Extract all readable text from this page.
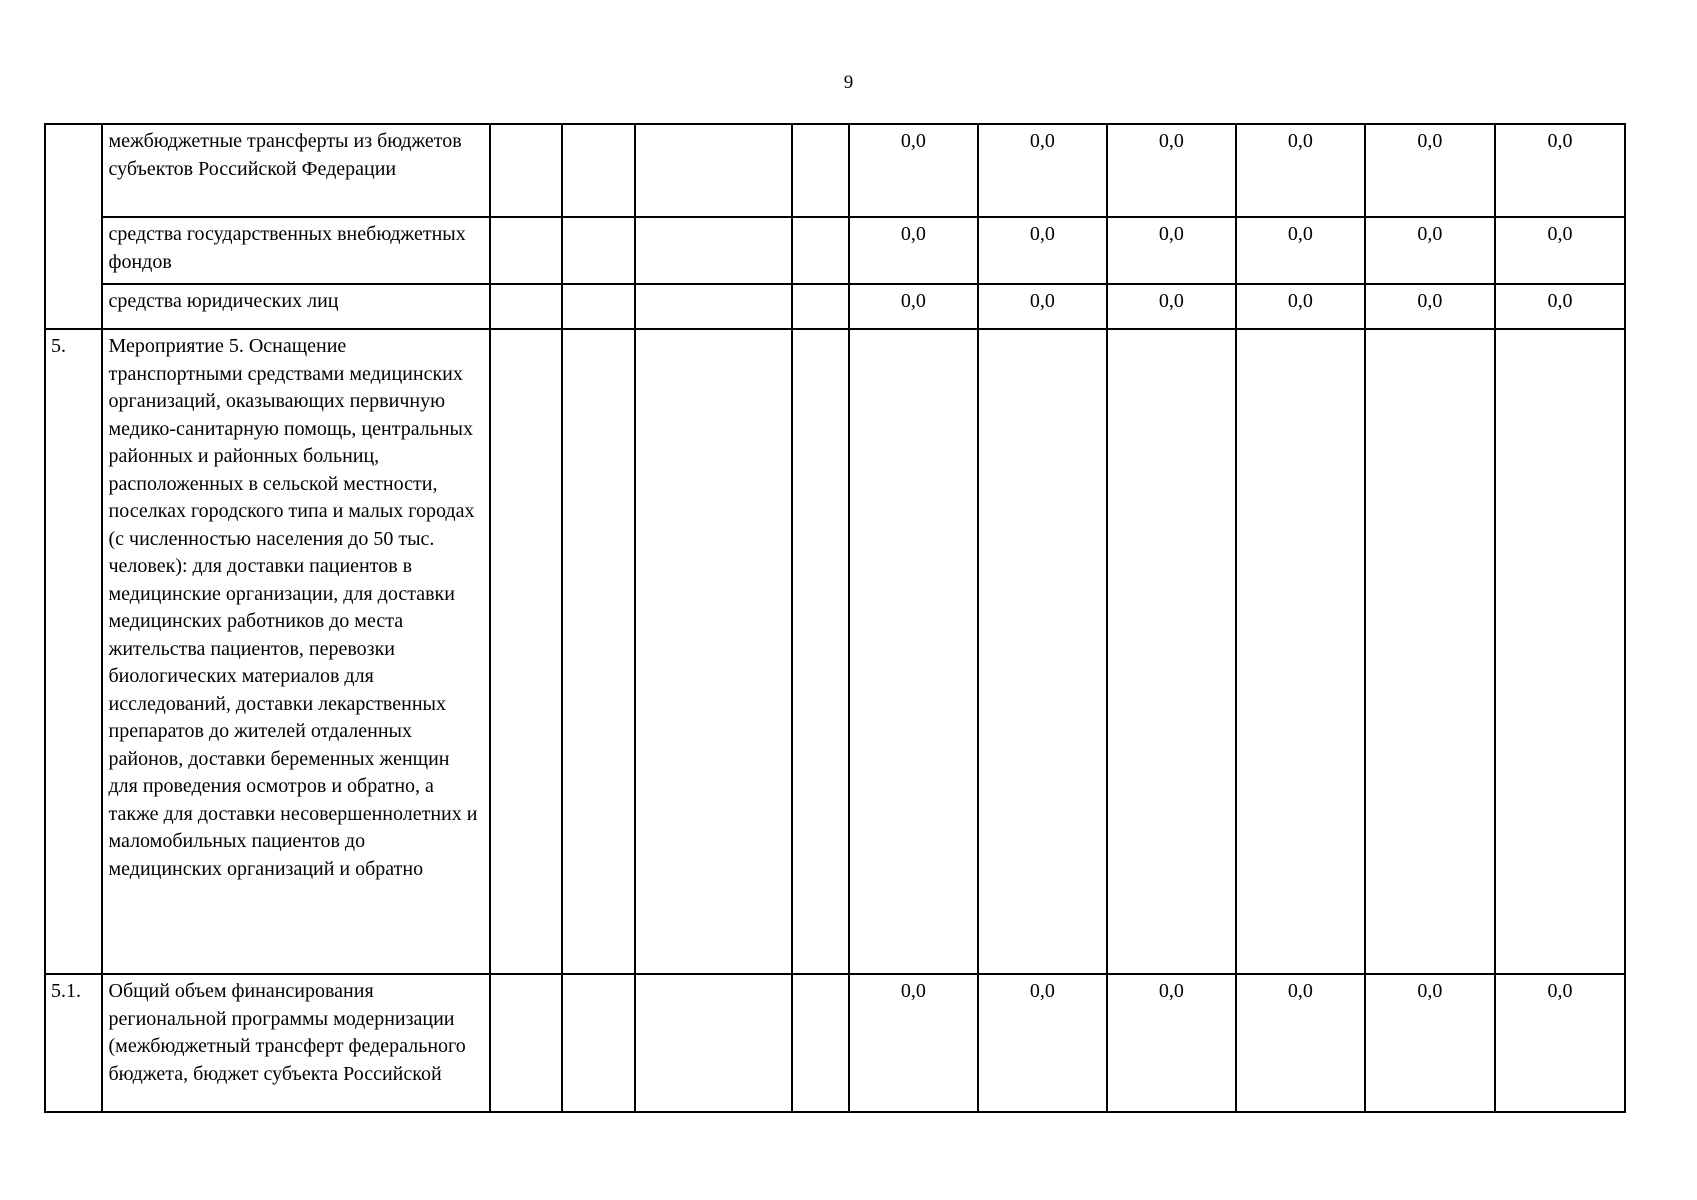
9
	межбюджетные трансферты из бюджетов субъектов Российской Федерации					0,0	0,0	0,0	0,0	0,0	0,0
	средства государственных внебюджетных фондов					0,0	0,0	0,0	0,0	0,0	0,0
	средства юридических лиц					0,0	0,0	0,0	0,0	0,0	0,0
5.	Мероприятие 5. Оснащение транспортными средствами медицинских организаций, оказывающих первичную медико-санитарную помощь, центральных районных и районных больниц, расположенных в сельской местности, поселках городского типа и малых городах (с численностью населения до 50 тыс. человек): для доставки пациентов в медицинские организации, для доставки медицинских работников до места жительства пациентов, перевозки биологических материалов для исследований, доставки лекарственных препаратов до жителей отдаленных районов, доставки беременных женщин для проведения осмотров и обратно, а также для доставки несовершеннолетних и маломобильных пациентов до медицинских организаций и обратно										
5.1.	Общий объем финансирования региональной программы модернизации (межбюджетный трансферт федерального бюджета, бюджет субъекта Российской					0,0	0,0	0,0	0,0	0,0	0,0
